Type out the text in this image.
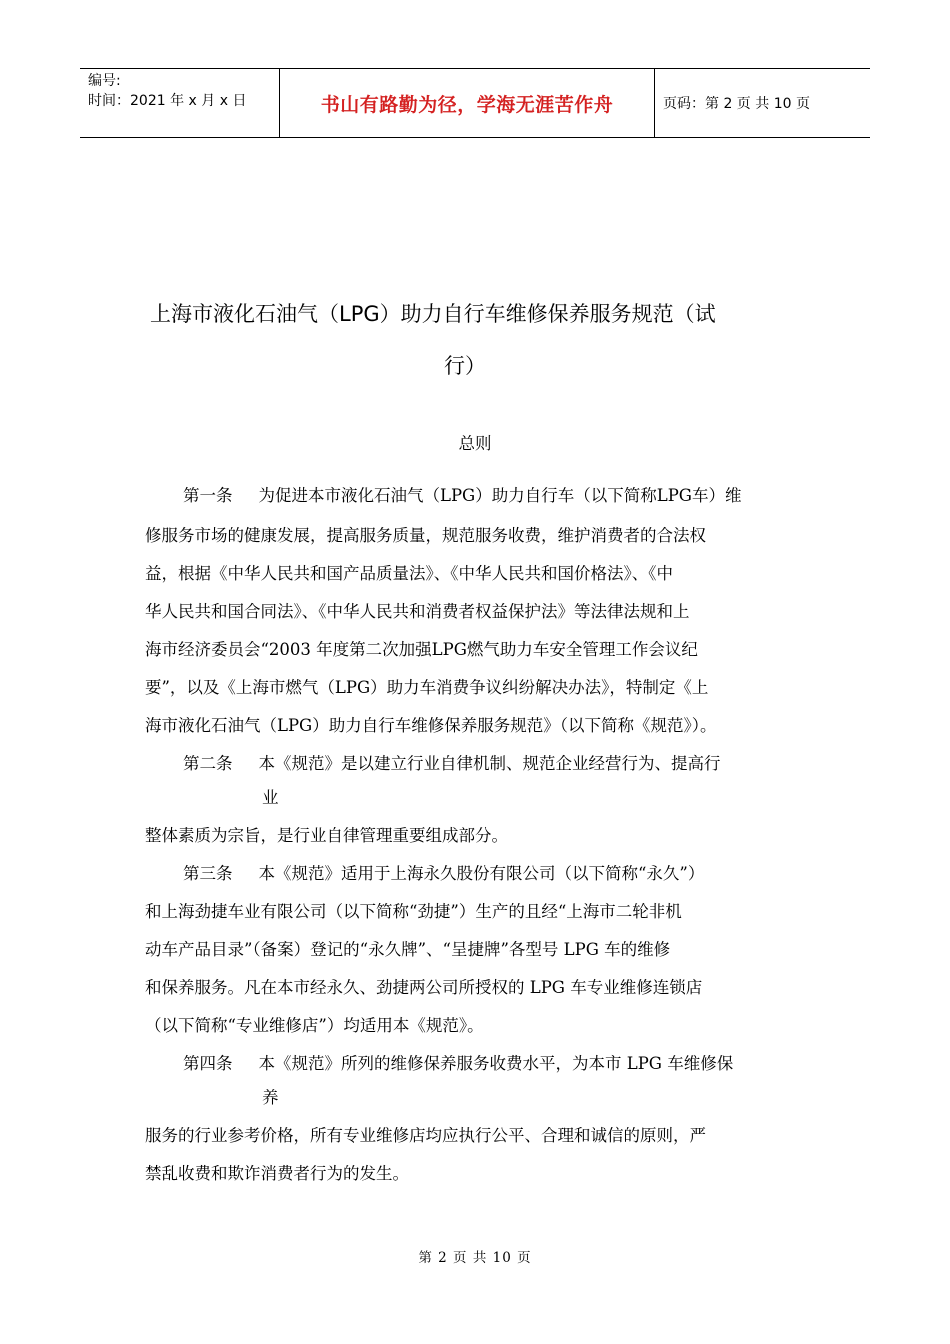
编号:
时间：2021 年 x 月 x 日	书山有路勤为径，学海无涯苦作舟	页码：第 2 页 共 10 页
上海市液化石油气（LPG）助力自行车维修保养服务规范（试
行）
总则
第一条 为促进本市液化石油气（LPG）助力自行车（以下简称LPG车）维
修服务市场的健康发展，提高服务质量，规范服务收费，维护消费者的合法权
益，根据《中华人民共和国产品质量法》、《中华人民共和国价格法》、《中
华人民共和国合同法》、《中华人民共和消费者权益保护法》等法律法规和上
海市经济委员会“2003 年度第二次加强LPG燃气助力车安全管理工作会议纪
要”，以及《上海市燃气（LPG）助力车消费争议纠纷解决办法》，特制定《上
海市液化石油气（LPG）助力自行车维修保养服务规范》（以下简称《规范》）。
第二条 本《规范》是以建立行业自律机制、规范企业经营行为、提高行
业
整体素质为宗旨，是行业自律管理重要组成部分。
第三条 本《规范》适用于上海永久股份有限公司（以下简称“永久”）
和上海劲捷车业有限公司（以下简称“劲捷”）生产的且经“上海市二轮非机
动车产品目录”（备案）登记的“永久牌”、“呈捷牌”各型号 LPG 车的维修
和保养服务。凡在本市经永久、劲捷两公司所授权的 LPG 车专业维修连锁店
（以下简称“专业维修店”）均适用本《规范》。
第四条 本《规范》所列的维修保养服务收费水平，为本市 LPG 车维修保
养
服务的行业参考价格，所有专业维修店均应执行公平、合理和诚信的原则，严
禁乱收费和欺诈消费者行为的发生。
第 2 页 共 10 页
